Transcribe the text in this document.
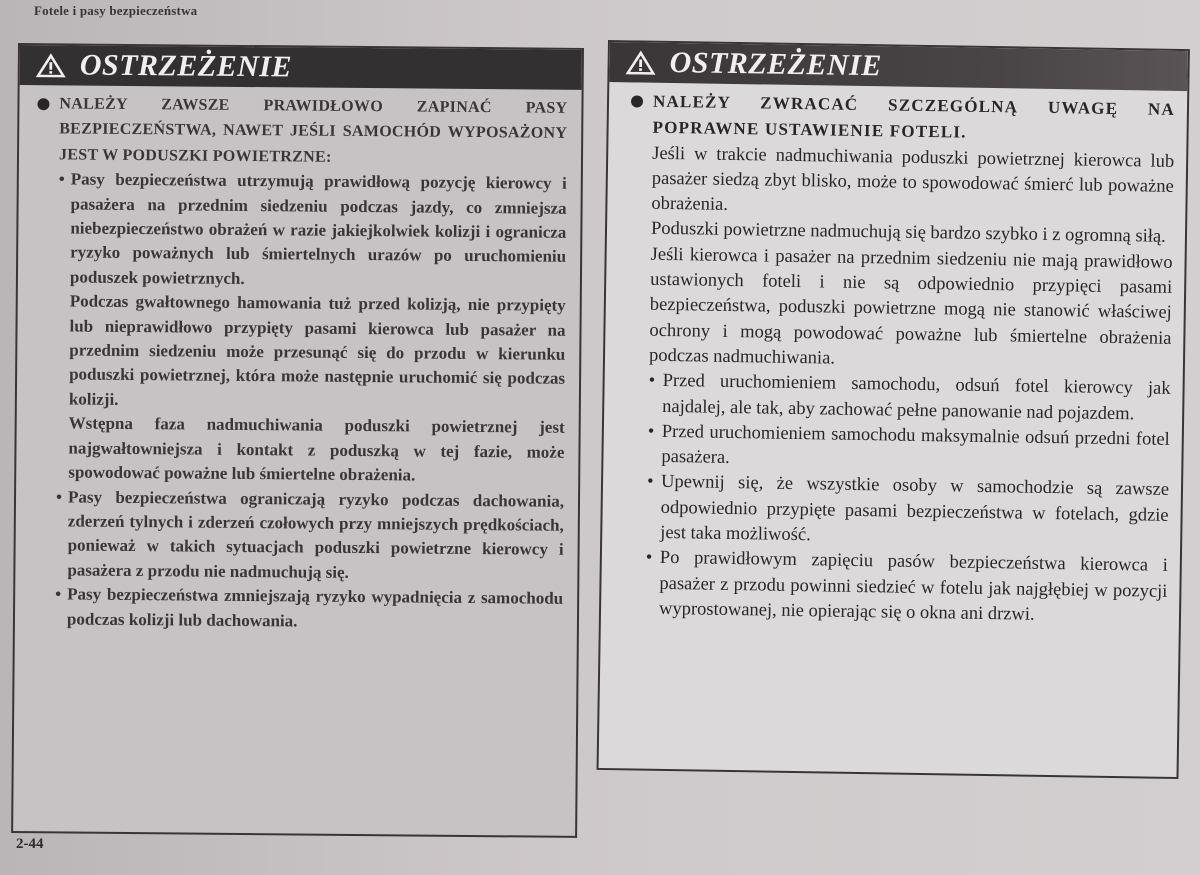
Fotele i pasy bezpieczeństwa
OSTRZEŻENIE

NALEŻY ZAWSZE PRAWIDŁOWO ZAPINAĆ PASY BEZPIECZEŃSTWA, NAWET JEŚLI SAMOCHÓD WYPOSAŻONY JEST W PODUSZKI POWIETRZNE:

• Pasy bezpieczeństwa utrzymują prawidłową pozycję kierowcy i pasażera na przednim siedzeniu podczas jazdy, co zmniejsza niebezpieczeństwo obrażeń w razie jakiejkolwiek kolizji i ogranicza ryzyko poważnych lub śmiertelnych urazów po uruchomieniu poduszek powietrznych.

Podczas gwałtownego hamowania tuż przed kolizją, nie przypięty lub nieprawidłowo przypięty pasami kierowca lub pasażer na przednim siedzeniu może przesunąć się do przodu w kierunku poduszki powietrznej, która może następnie uruchomić się podczas kolizji.

Wstępna faza nadmuchiwania poduszki powietrznej jest najgwałtowniejsza i kontakt z poduszką w tej fazie, może spowodować poważne lub śmiertelne obrażenia.

• Pasy bezpieczeństwa ograniczają ryzyko podczas dachowania, zderzeń tylnych i zderzeń czołowych przy mniejszych prędkościach, ponieważ w takich sytuacjach poduszki powietrzne kierowcy i pasażera z przodu nie nadmuchują się.

• Pasy bezpieczeństwa zmniejszają ryzyko wypadnięcia z samochodu podczas kolizji lub dachowania.

OSTRZEŻENIE

NALEŻY ZWRACAĆ SZCZEGÓLNĄ UWAGĘ NA POPRAWNE USTAWIENIE FOTELI.

Jeśli w trakcie nadmuchiwania poduszki powietrznej kierowca lub pasażer siedzą zbyt blisko, może to spowodować śmierć lub poważne obrażenia.

Poduszki powietrzne nadmuchują się bardzo szybko i z ogromną siłą.

Jeśli kierowca i pasażer na przednim siedzeniu nie mają prawidłowo ustawionych foteli i nie są odpowiednio przypięci pasami bezpieczeństwa, poduszki powietrzne mogą nie stanowić właściwej ochrony i mogą powodować poważne lub śmiertelne obrażenia podczas nadmuchiwania.

• Przed uruchomieniem samochodu, odsuń fotel kierowcy jak najdalej, ale tak, aby zachować pełne panowanie nad pojazdem.

• Przed uruchomieniem samochodu maksymalnie odsuń przedni fotel pasażera.

• Upewnij się, że wszystkie osoby w samochodzie są zawsze odpowiednio przypięte pasami bezpieczeństwa w fotelach, gdzie jest taka możliwość.

• Po prawidłowym zapięciu pasów bezpieczeństwa kierowca i pasażer z przodu powinni siedzieć w fotelu jak najgłębiej w pozycji wyprostowanej, nie opierając się o okna ani drzwi.

2-44
